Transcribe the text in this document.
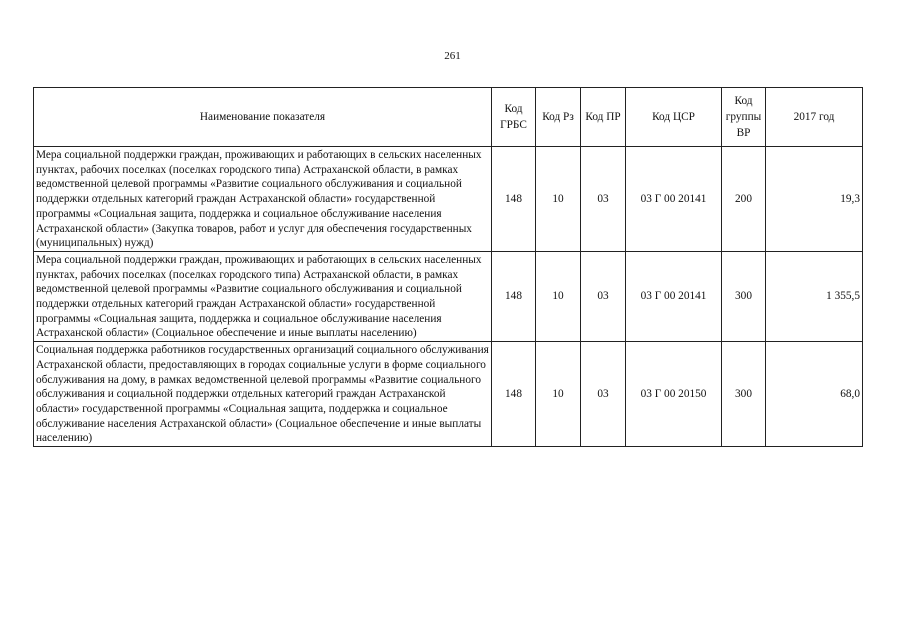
261
Наименование показателя	Код ГРБС	Код Рз	Код ПР	Код ЦСР	Код группы ВР	2017 год
Мера социальной поддержки граждан, проживающих и работающих в сельских населенных пунктах, рабочих поселках (поселках городского типа) Астраханской области, в рамках ведомственной целевой программы «Развитие социального обслуживания и социальной поддержки отдельных категорий граждан Астраханской области» государственной программы «Социальная защита, поддержка и социальное обслуживание населения Астраханской области» (Закупка товаров, работ и услуг для обеспечения государственных (муниципальных) нужд)	148	10	03	03 Г 00 20141	200	19,3
Мера социальной поддержки граждан, проживающих и работающих в сельских населенных пунктах, рабочих поселках (поселках городского типа) Астраханской области, в рамках ведомственной целевой программы «Развитие социального обслуживания и социальной поддержки отдельных категорий граждан Астраханской области» государственной программы «Социальная защита, поддержка и социальное обслуживание населения Астраханской области» (Социальное обеспечение и иные выплаты населению)	148	10	03	03 Г 00 20141	300	1 355,5
Социальная поддержка работников государственных организаций социального обслуживания Астраханской области, предоставляющих в городах социальные услуги в форме социального обслуживания на дому, в рамках ведомственной целевой программы «Развитие социального обслуживания и социальной поддержки отдельных категорий граждан Астраханской области» государственной программы «Социальная защита, поддержка и социальное обслуживание населения Астраханской области» (Социальное обеспечение и иные выплаты населению)	148	10	03	03 Г 00 20150	300	68,0
